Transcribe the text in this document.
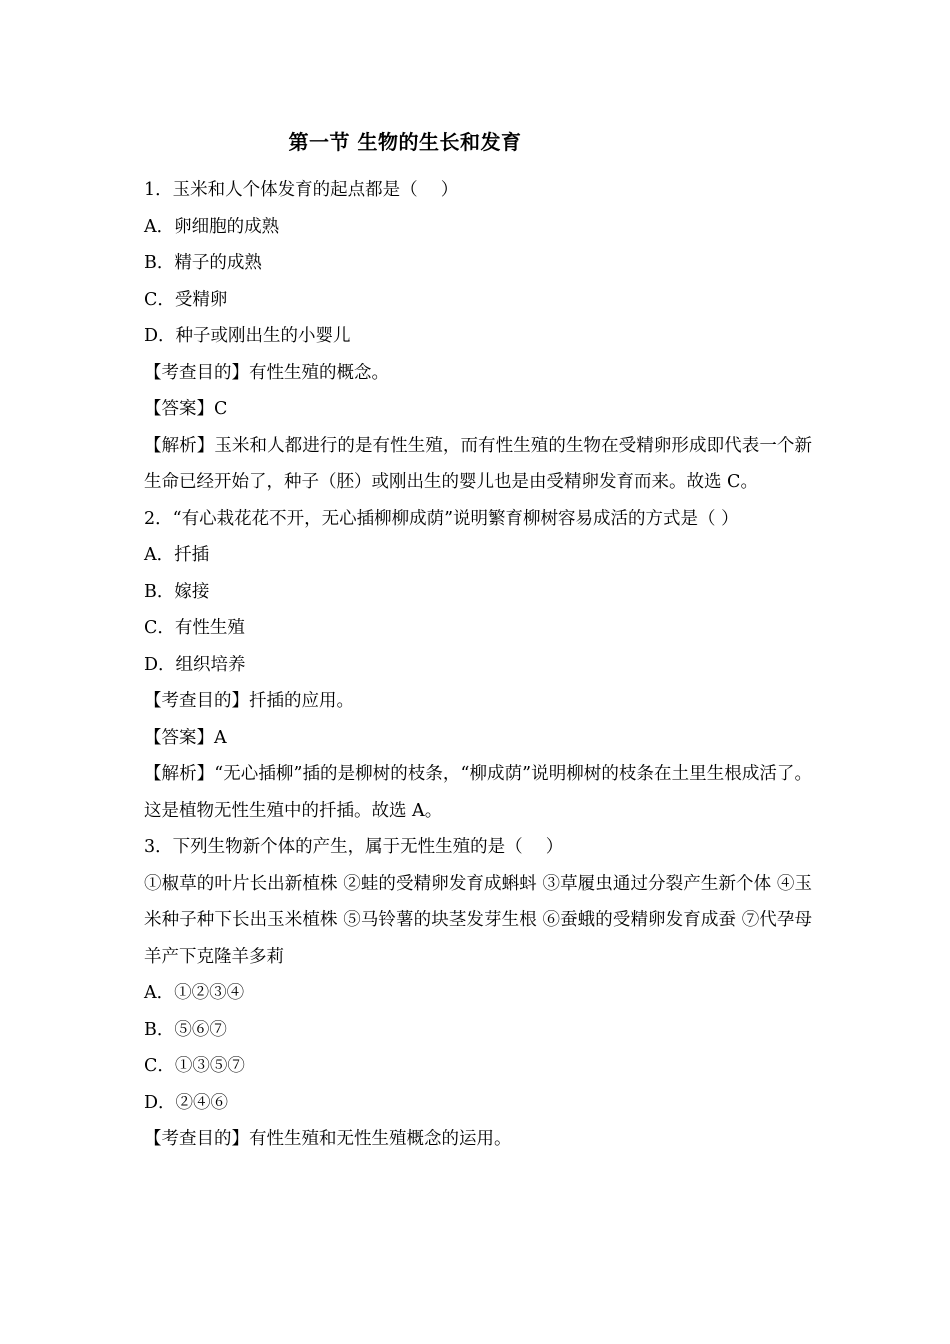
第一节 生物的生长和发育
1．玉米和人个体发育的起点都是（　 ）
A．卵细胞的成熟
B．精子的成熟
C．受精卵
D．种子或刚出生的小婴儿
【考查目的】有性生殖的概念。
【答案】C
【解析】玉米和人都进行的是有性生殖，而有性生殖的生物在受精卵形成即代表一个新生命已经开始了，种子（胚）或刚出生的婴儿也是由受精卵发育而来。故选 C。
2．“有心栽花花不开，无心插柳柳成荫”说明繁育柳树容易成活的方式是（ ）
A．扦插
B．嫁接
C．有性生殖
D．组织培养
【考查目的】扦插的应用。
【答案】A
【解析】“无心插柳”插的是柳树的枝条，“柳成荫”说明柳树的枝条在土里生根成活了。这是植物无性生殖中的扦插。故选 A。
3．下列生物新个体的产生，属于无性生殖的是（　 ）
①椒草的叶片长出新植株 ②蛙的受精卵发育成蝌蚪 ③草履虫通过分裂产生新个体 ④玉米种子种下长出玉米植株 ⑤马铃薯的块茎发芽生根 ⑥蚕蛾的受精卵发育成蚕 ⑦代孕母羊产下克隆羊多莉
A．①②③④
B．⑤⑥⑦
C．①③⑤⑦
D．②④⑥
【考查目的】有性生殖和无性生殖概念的运用。
